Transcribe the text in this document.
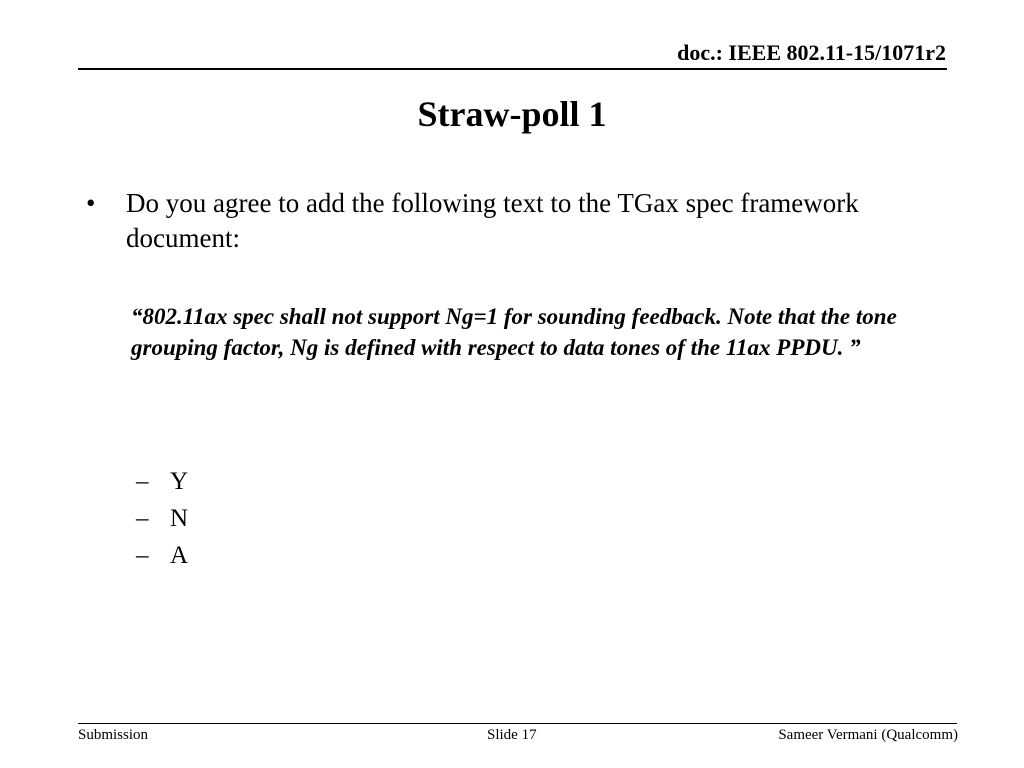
doc.: IEEE 802.11-15/1071r2
Straw-poll 1
• Do you agree to add the following text to the TGax spec framework document:
“802.11ax spec shall not support Ng=1 for sounding feedback. Note that the tone grouping factor, Ng is defined with respect to data tones of the 11ax PPDU. ”
– Y
– N
– A
Submission	Slide 17	Sameer Vermani (Qualcomm)
